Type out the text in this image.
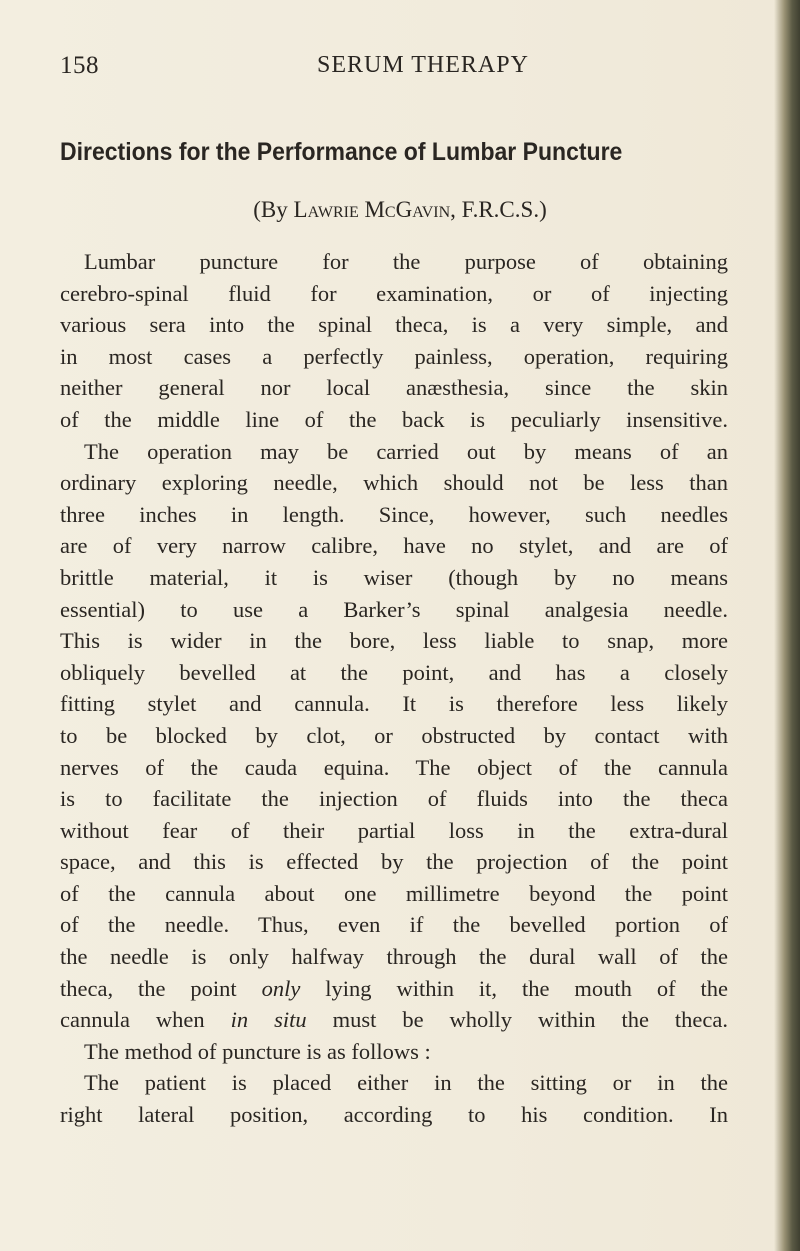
158	SERUM THERAPY
Directions for the Performance of Lumbar Puncture
(By Lawrie McGavin, F.R.C.S.)
Lumbar puncture for the purpose of obtaining
cerebro-spinal fluid for examination, or of injecting
various sera into the spinal theca, is a very simple, and
in most cases a perfectly painless, operation, requiring
neither general nor local anæsthesia, since the skin
of the middle line of the back is peculiarly insensitive.
The operation may be carried out by means of an
ordinary exploring needle, which should not be less than
three inches in length. Since, however, such needles
are of very narrow calibre, have no stylet, and are of
brittle material, it is wiser (though by no means
essential) to use a Barker’s spinal analgesia needle.
This is wider in the bore, less liable to snap, more
obliquely bevelled at the point, and has a closely
fitting stylet and cannula. It is therefore less likely
to be blocked by clot, or obstructed by contact with
nerves of the cauda equina. The object of the cannula
is to facilitate the injection of fluids into the theca
without fear of their partial loss in the extra-dural
space, and this is effected by the projection of the point
of the cannula about one millimetre beyond the point
of the needle. Thus, even if the bevelled portion of
the needle is only halfway through the dural wall of the
theca, the point only lying within it, the mouth of the
cannula when in situ must be wholly within the theca.
The method of puncture is as follows :
The patient is placed either in the sitting or in the
right lateral position, according to his condition. In
